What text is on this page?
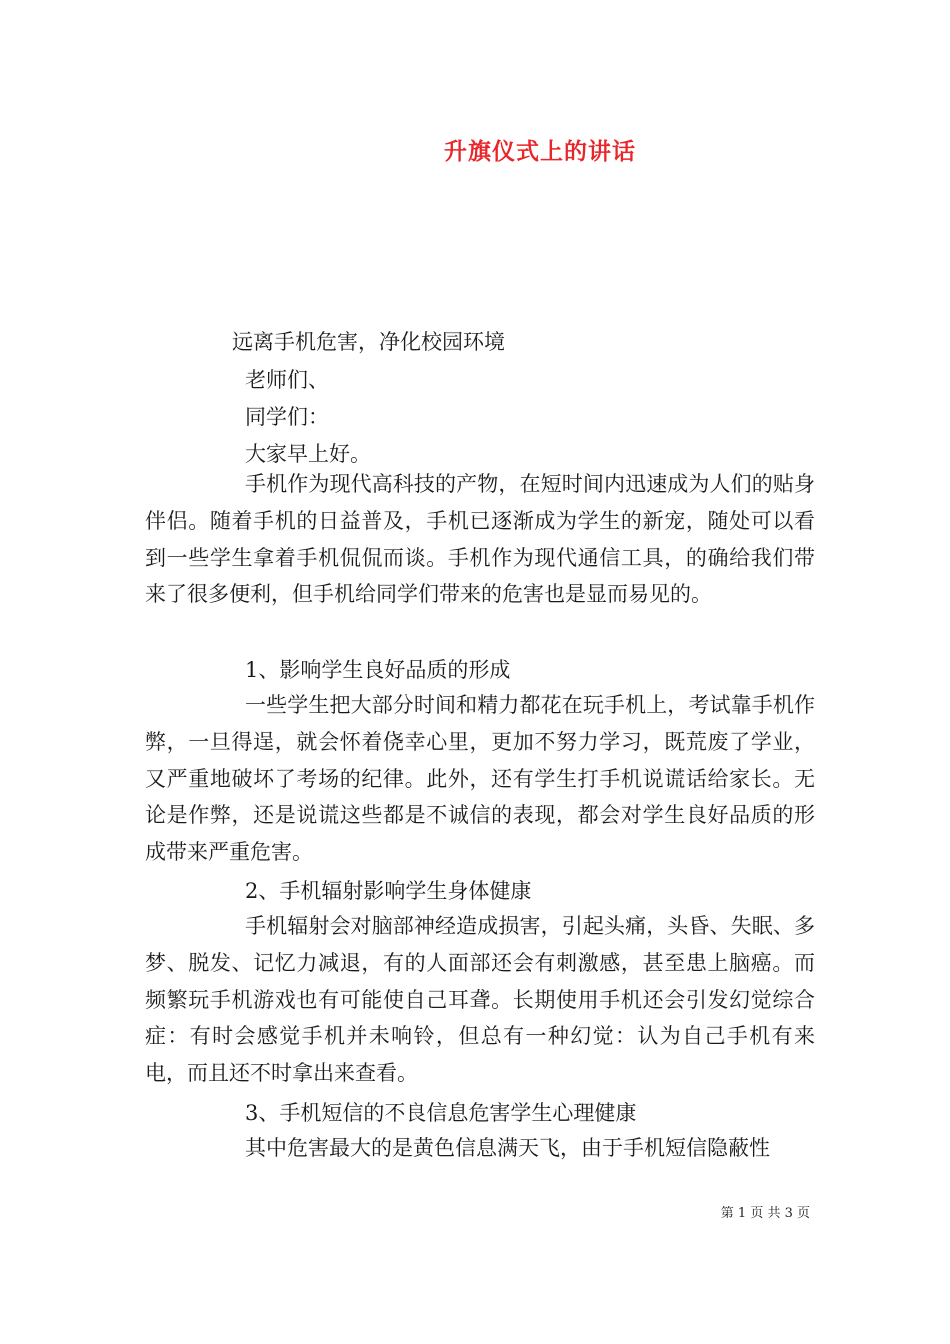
升旗仪式上的讲话
远离手机危害，净化校园环境
老师们、
同学们：
大家早上好。

手机作为现代高科技的产物，在短时间内迅速成为人们的贴身伴侣。随着手机的日益普及，手机已逐渐成为学生的新宠，随处可以看到一些学生拿着手机侃侃而谈。手机作为现代通信工具，的确给我们带来了很多便利，但手机给同学们带来的危害也是显而易见的。

1、影响学生良好品质的形成

一些学生把大部分时间和精力都花在玩手机上，考试靠手机作弊，一旦得逞，就会怀着侥幸心里，更加不努力学习，既荒废了学业，又严重地破坏了考场的纪律。此外，还有学生打手机说谎话给家长。无论是作弊，还是说谎这些都是不诚信的表现，都会对学生良好品质的形成带来严重危害。

2、手机辐射影响学生身体健康

手机辐射会对脑部神经造成损害，引起头痛，头昏、失眠、多梦、脱发、记忆力减退，有的人面部还会有刺激感，甚至患上脑癌。而频繁玩手机游戏也有可能使自己耳聋。长期使用手机还会引发幻觉综合症：有时会感觉手机并未响铃，但总有一种幻觉：认为自己手机有来电，而且还不时拿出来查看。

3、手机短信的不良信息危害学生心理健康

其中危害最大的是黄色信息满天飞，由于手机短信隐蔽性

第 1 页 共 3 页
